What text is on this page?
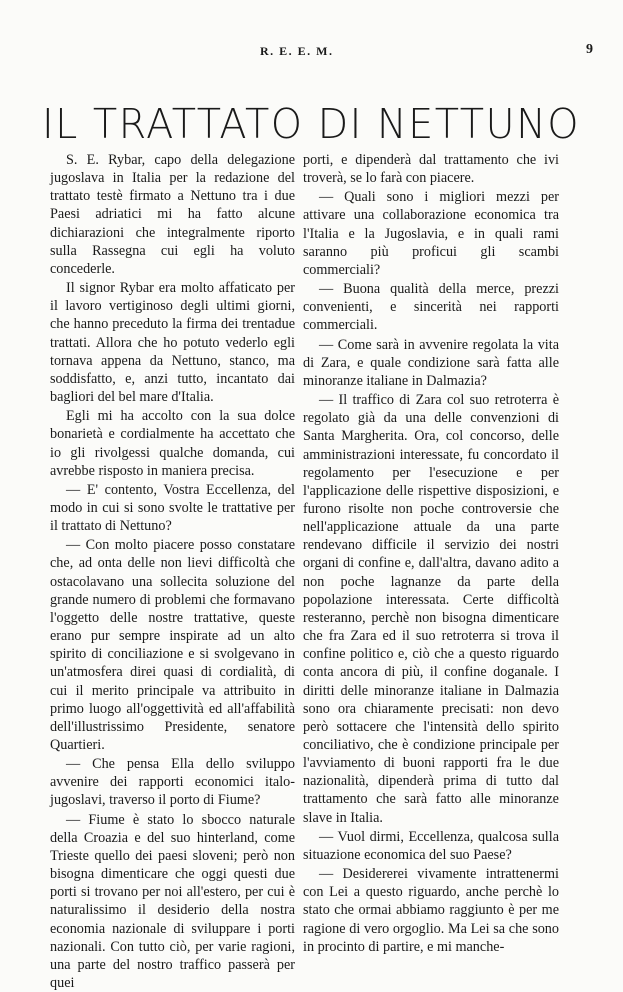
R. E. E. M.	9
IL TRATTATO DI NETTUNO

S. E. Rybar, capo della delegazione jugoslava in Italia per la redazione del trattato testè firmato a Nettuno tra i due Paesi adriatici mi ha fatto alcune dichiarazioni che integralmente riporto sulla Rassegna cui egli ha voluto concederle.

Il signor Rybar era molto affaticato per il lavoro vertiginoso degli ultimi giorni, che hanno preceduto la firma dei trentadue trattati. Allora che ho potuto vederlo egli tornava appena da Nettuno, stanco, ma soddisfatto, e, anzi tutto, incantato dai bagliori del bel mare d'Italia.

Egli mi ha accolto con la sua dolce bonarietà e cordialmente ha accettato che io gli rivolgessi qualche domanda, cui avrebbe risposto in maniera precisa.

— E' contento, Vostra Eccellenza, del modo in cui si sono svolte le trattative per il trattato di Nettuno?

— Con molto piacere posso constatare che, ad onta delle non lievi difficoltà che ostacolavano una sollecita soluzione del grande numero di problemi che formavano l'oggetto delle nostre trattative, queste erano pur sempre inspirate ad un alto spirito di conciliazione e si svolgevano in un'atmosfera direi quasi di cordialità, di cui il merito principale va attribuito in primo luogo all'oggettività ed all'affabilità dell'illustrissimo Presidente, senatore Quartieri.

— Che pensa Ella dello sviluppo avvenire dei rapporti economici italo-jugoslavi, traverso il porto di Fiume?

— Fiume è stato lo sbocco naturale della Croazia e del suo hinterland, come Trieste quello dei paesi sloveni; però non bisogna dimenticare che oggi questi due porti si trovano per noi all'estero, per cui è naturalissimo il desiderio della nostra economia nazionale di sviluppare i porti nazionali. Con tutto ciò, per varie ragioni, una parte del nostro traffico passerà per quei

porti, e dipenderà dal trattamento che ivi troverà, se lo farà con piacere.

— Quali sono i migliori mezzi per attivare una collaborazione economica tra l'Italia e la Jugoslavia, e in quali rami saranno più proficui gli scambi commerciali?

— Buona qualità della merce, prezzi convenienti, e sincerità nei rapporti commerciali.

— Come sarà in avvenire regolata la vita di Zara, e quale condizione sarà fatta alle minoranze italiane in Dalmazia?

— Il traffico di Zara col suo retroterra è regolato già da una delle convenzioni di Santa Margherita. Ora, col concorso, delle amministrazioni interessate, fu concordato il regolamento per l'esecuzione e per l'applicazione delle rispettive disposizioni, e furono risolte non poche controversie che nell'applicazione attuale da una parte rendevano difficile il servizio dei nostri organi di confine e, dall'altra, davano adito a non poche lagnanze da parte della popolazione interessata. Certe difficoltà resteranno, perchè non bisogna dimenticare che fra Zara ed il suo retroterra si trova il confine politico e, ciò che a questo riguardo conta ancora di più, il confine doganale. I diritti delle minoranze italiane in Dalmazia sono ora chiaramente precisati: non devo però sottacere che l'intensità dello spirito conciliativo, che è condizione principale per l'avviamento di buoni rapporti fra le due nazionalità, dipenderà prima di tutto dal trattamento che sarà fatto alle minoranze slave in Italia.

— Vuol dirmi, Eccellenza, qualcosa sulla situazione economica del suo Paese?

— Desidererei vivamente intrattenermi con Lei a questo riguardo, anche perchè lo stato che ormai abbiamo raggiunto è per me ragione di vero orgoglio. Ma Lei sa che sono in procinto di partire, e mi manche-
